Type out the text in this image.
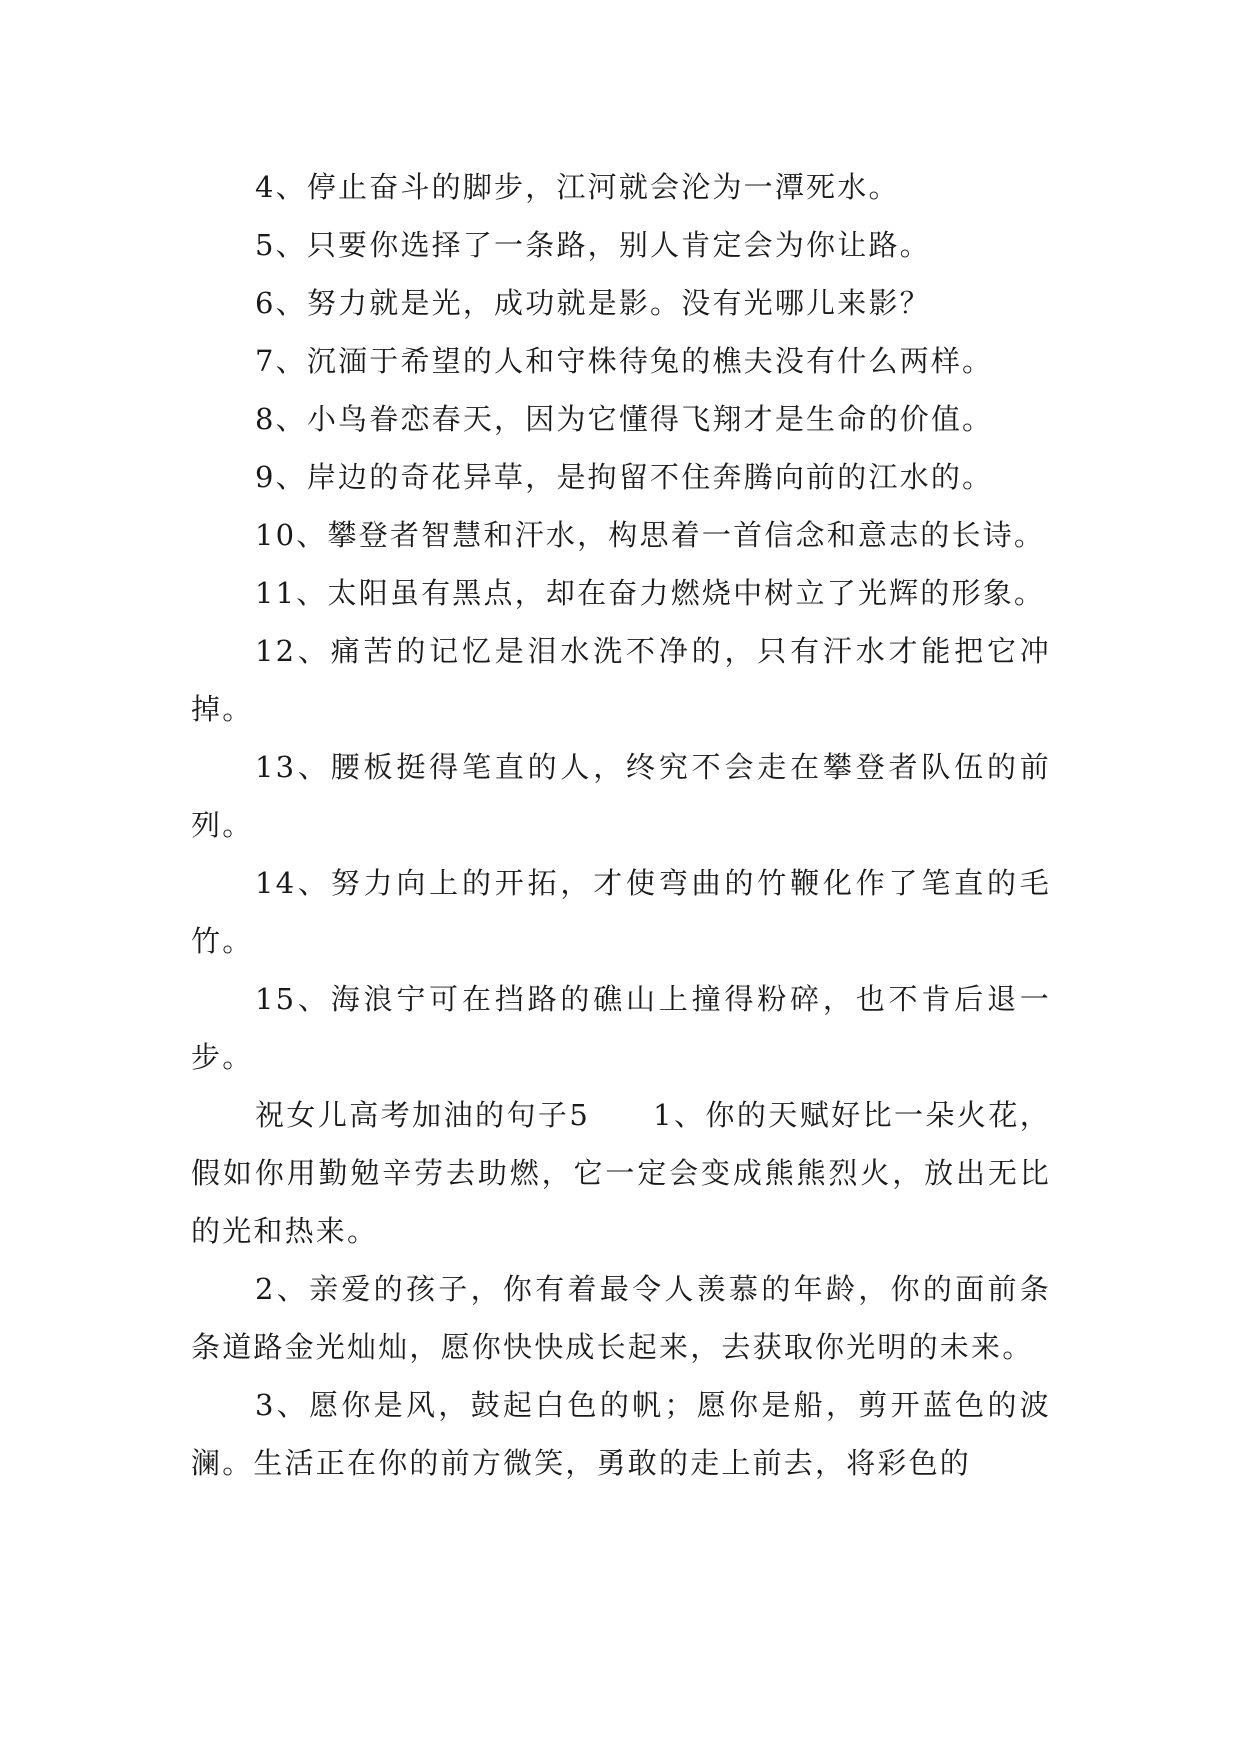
4、停止奋斗的脚步，江河就会沦为一潭死水。

5、只要你选择了一条路，别人肯定会为你让路。

6、努力就是光，成功就是影。没有光哪儿来影？

7、沉湎于希望的人和守株待兔的樵夫没有什么两样。

8、小鸟眷恋春天，因为它懂得飞翔才是生命的价值。

9、岸边的奇花异草，是拘留不住奔腾向前的江水的。

10、攀登者智慧和汗水，构思着一首信念和意志的长诗。

11、太阳虽有黑点，却在奋力燃烧中树立了光辉的形象。

12、痛苦的记忆是泪水洗不净的，只有汗水才能把它冲掉。

13、腰板挺得笔直的人，终究不会走在攀登者队伍的前列。

14、努力向上的开拓，才使弯曲的竹鞭化作了笔直的毛竹。

15、海浪宁可在挡路的礁山上撞得粉碎，也不肯后退一步。

祝女儿高考加油的句子5　　1、你的天赋好比一朵火花，假如你用勤勉辛劳去助燃，它一定会变成熊熊烈火，放出无比的光和热来。

2、亲爱的孩子，你有着最令人羡慕的年龄，你的面前条条道路金光灿灿，愿你快快成长起来，去获取你光明的未来。

3、愿你是风，鼓起白色的帆；愿你是船，剪开蓝色的波澜。生活正在你的前方微笑，勇敢的走上前去，将彩色的
